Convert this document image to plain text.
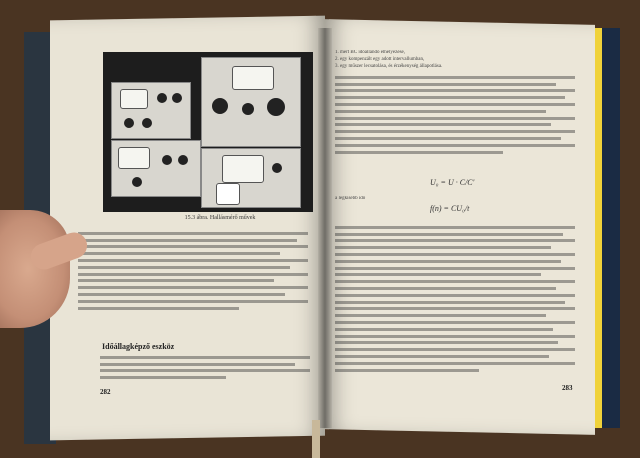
15.3 ábra. Hallásmérő művek
Időállagképző eszköz
282
1. mert BC időállandó elhelyezése,
2. egy kompenzált egy adott intervallumban,
3. egy műszer lecsatolása, és érzékenység állapotlása.
U₀ = U · C/C'
a legkisebb idő
f(n) = CU₀/t
283
